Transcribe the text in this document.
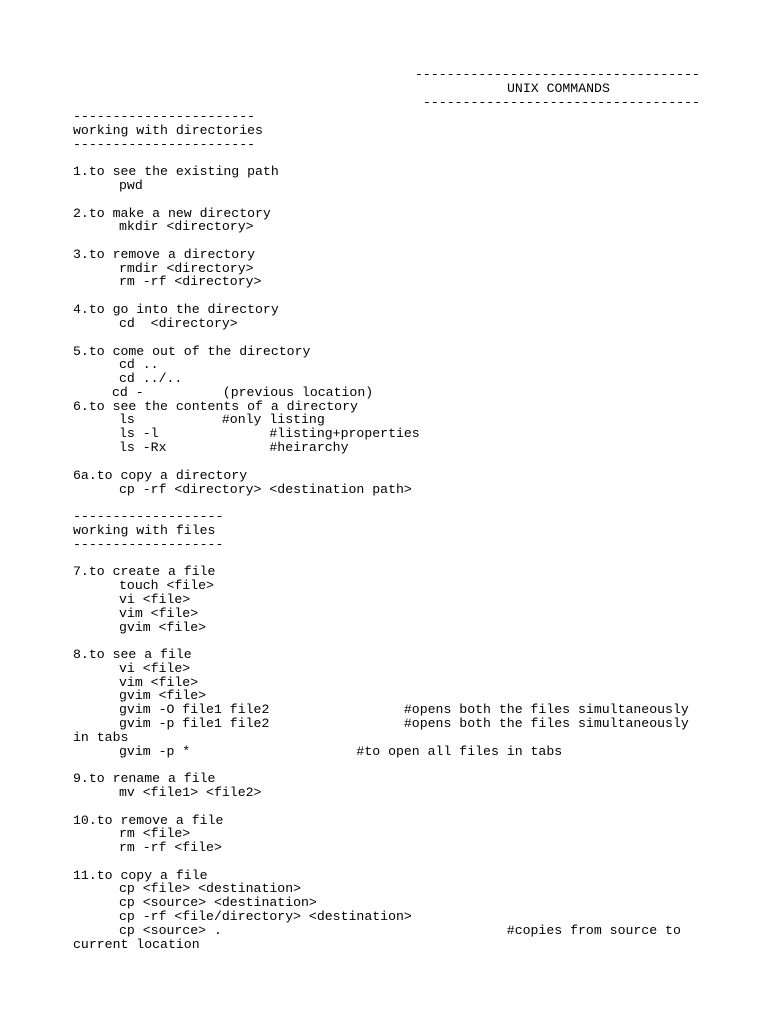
------------------------------------

UNIX COMMANDS

-----------------------------------

-----------------------

working with directories

-----------------------

1.to see the existing path

pwd

2.to make a new directory

mkdir <directory>

3.to remove a directory

rmdir <directory>

rm -rf <directory>

4.to go into the directory

cd  <directory>

5.to come out of the directory

cd ..

cd ../..

cd -          (previous location)

6.to see the contents of a directory

ls           #only listing

ls -l              #listing+properties

ls -Rx             #heirarchy

6a.to copy a directory

cp -rf <directory> <destination path>

-------------------

working with files

-------------------

7.to create a file

touch <file>

vi <file>

vim <file>

gvim <file>

8.to see a file

vi <file>

vim <file>

gvim <file>

gvim -O file1 file2                 #opens both the files simultaneously

gvim -p file1 file2                 #opens both the files simultaneously

in tabs

gvim -p *                     #to open all files in tabs

9.to rename a file

mv <file1> <file2>

10.to remove a file

rm <file>

rm -rf <file>

11.to copy a file

cp <file> <destination>

cp <source> <destination>

cp -rf <file/directory> <destination>

cp <source> .                                    #copies from source to

current location
